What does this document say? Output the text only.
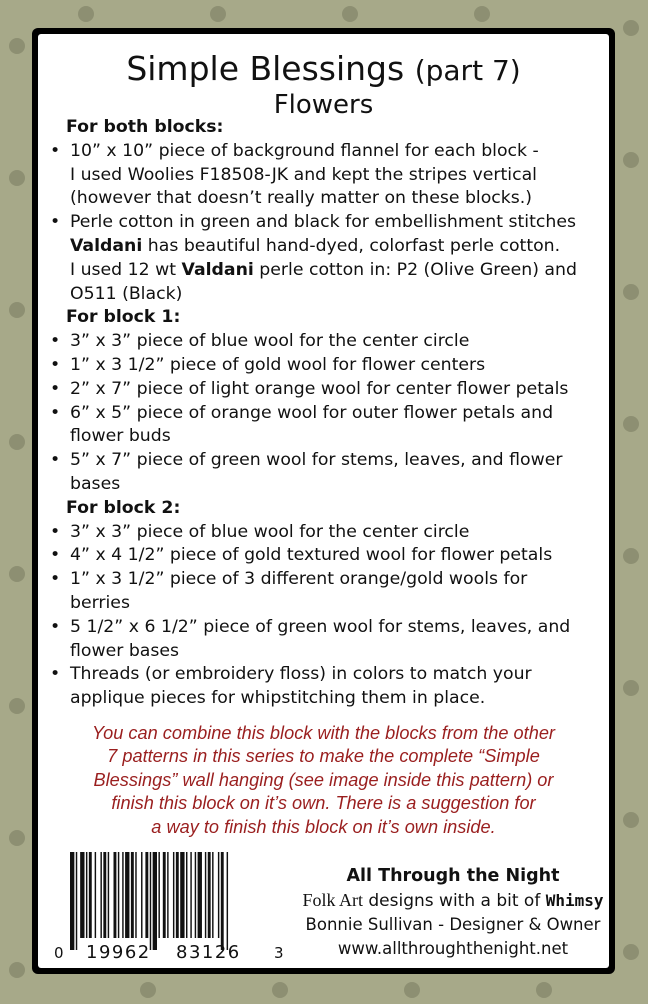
Simple Blessings (part 7)
Flowers
For both blocks:
• 10” x 10” piece of background flannel for each block -
I used Woolies F18508-JK and kept the stripes vertical
(however that doesn’t really matter on these blocks.)
• Perle cotton in green and black for embellishment stitches
Valdani has beautiful hand-dyed, colorfast perle cotton.
I used 12 wt Valdani perle cotton in: P2 (Olive Green) and
O511 (Black)
For block 1:
• 3” x 3” piece of blue wool for the center circle
• 1” x 3 1/2” piece of gold wool for flower centers
• 2” x 7” piece of light orange wool for center flower petals
• 6” x 5” piece of orange wool for outer flower petals and
flower buds
• 5” x 7” piece of green wool for stems, leaves, and flower
bases
For block 2:
• 3” x 3” piece of blue wool for the center circle
• 4” x 4 1/2” piece of gold textured wool for flower petals
• 1” x 3 1/2” piece of 3 different orange/gold wools for
berries
• 5 1/2” x 6 1/2” piece of green wool for stems, leaves, and
flower bases
• Threads (or embroidery floss) in colors to match your
applique pieces for whipstitching them in place.
You can combine this block with the blocks from the other
7 patterns in this series to make the complete “Simple
Blessings” wall hanging (see image inside this pattern) or
finish this block on it’s own. There is a suggestion for
a way to finish this block on it’s own inside.
0 19962 83126 3
All Through the Night
Folk Art designs with a bit of Whimsy
Bonnie Sullivan - Designer & Owner
www.allthroughthenight.net
